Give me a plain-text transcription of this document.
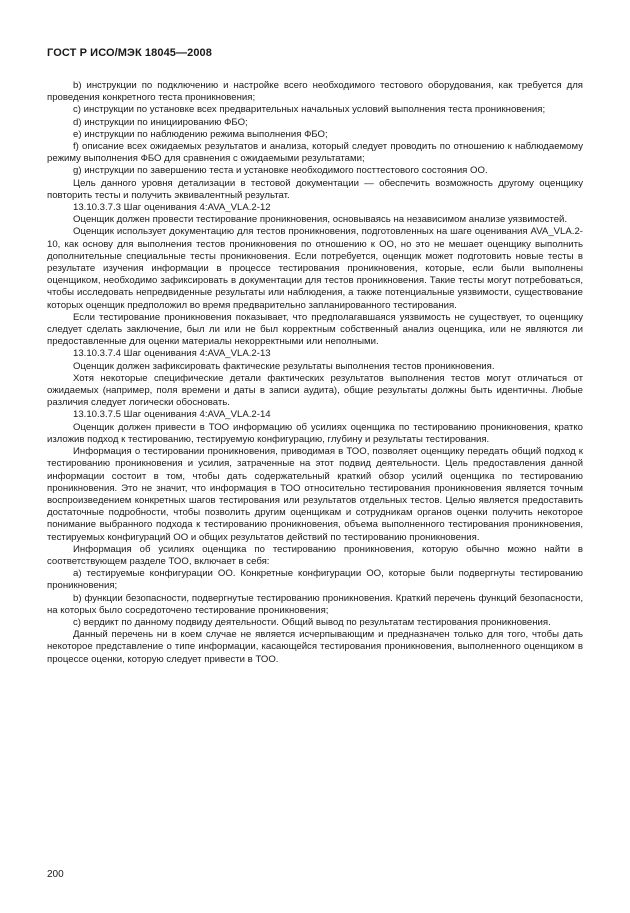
ГОСТ Р ИСО/МЭК 18045—2008

b) инструкции по подключению и настройке всего необходимого тестового оборудования, как требуется для проведения конкретного теста проникновения;

c) инструкции по установке всех предварительных начальных условий выполнения теста проникновения;

d) инструкции по инициированию ФБО;

e) инструкции по наблюдению режима выполнения ФБО;

f) описание всех ожидаемых результатов и анализа, который следует проводить по отношению к наблюдаемому режиму выполнения ФБО для сравнения с ожидаемыми результатами;

g) инструкции по завершению теста и установке необходимого посттестового состояния ОО.

Цель данного уровня детализации в тестовой документации — обеспечить возможность другому оценщику повторить тесты и получить эквивалентный результат.

13.10.3.7.3 Шаг оценивания 4:AVA_VLA.2-12

Оценщик должен провести тестирование проникновения, основываясь на независимом анализе уязвимостей.

Оценщик использует документацию для тестов проникновения, подготовленных на шаге оценивания AVA_VLA.2-10, как основу для выполнения тестов проникновения по отношению к ОО, но это не мешает оценщику выполнить дополнительные специальные тесты проникновения. Если потребуется, оценщик может подготовить новые тесты в результате изучения информации в процессе тестирования проникновения, которые, если были выполнены оценщиком, необходимо зафиксировать в документации для тестов проникновения. Такие тесты могут потребоваться, чтобы исследовать непредвиденные результаты или наблюдения, а также потенциальные уязвимости, существование которых оценщик предположил во время предварительно запланированного тестирования.

Если тестирование проникновения показывает, что предполагавшаяся уязвимость не существует, то оценщику следует сделать заключение, был ли или не был корректным собственный анализ оценщика, или не являются ли предоставленные для оценки материалы некорректными или неполными.

13.10.3.7.4 Шаг оценивания 4:AVA_VLA.2-13

Оценщик должен зафиксировать фактические результаты выполнения тестов проникновения.

Хотя некоторые специфические детали фактических результатов выполнения тестов могут отличаться от ожидаемых (например, поля времени и даты в записи аудита), общие результаты должны быть идентичны. Любые различия следует логически обосновать.

13.10.3.7.5 Шаг оценивания 4:AVA_VLA.2-14

Оценщик должен привести в ТОО информацию об усилиях оценщика по тестированию проникновения, кратко изложив подход к тестированию, тестируемую конфигурацию, глубину и результаты тестирования.

Информация о тестировании проникновения, приводимая в ТОО, позволяет оценщику передать общий подход к тестированию проникновения и усилия, затраченные на этот подвид деятельности. Цель предоставления данной информации состоит в том, чтобы дать содержательный краткий обзор усилий оценщика по тестированию проникновения. Это не значит, что информация в ТОО относительно тестирования проникновения является точным воспроизведением конкретных шагов тестирования или результатов отдельных тестов. Целью является предоставить достаточные подробности, чтобы позволить другим оценщикам и сотрудникам органов оценки получить некоторое понимание выбранного подхода к тестированию проникновения, объема выполненного тестирования проникновения, тестируемых конфигураций ОО и общих результатов действий по тестированию проникновения.

Информация об усилиях оценщика по тестированию проникновения, которую обычно можно найти в соответствующем разделе ТОО, включает в себя:

a) тестируемые конфигурации ОО. Конкретные конфигурации ОО, которые были подвергнуты тестированию проникновения;

b) функции безопасности, подвергнутые тестированию проникновения. Краткий перечень функций безопасности, на которых было сосредоточено тестирование проникновения;

c) вердикт по данному подвиду деятельности. Общий вывод по результатам тестирования проникновения.

Данный перечень ни в коем случае не является исчерпывающим и предназначен только для того, чтобы дать некоторое представление о типе информации, касающейся тестирования проникновения, выполненного оценщиком в процессе оценки, которую следует привести в ТОО.

200
